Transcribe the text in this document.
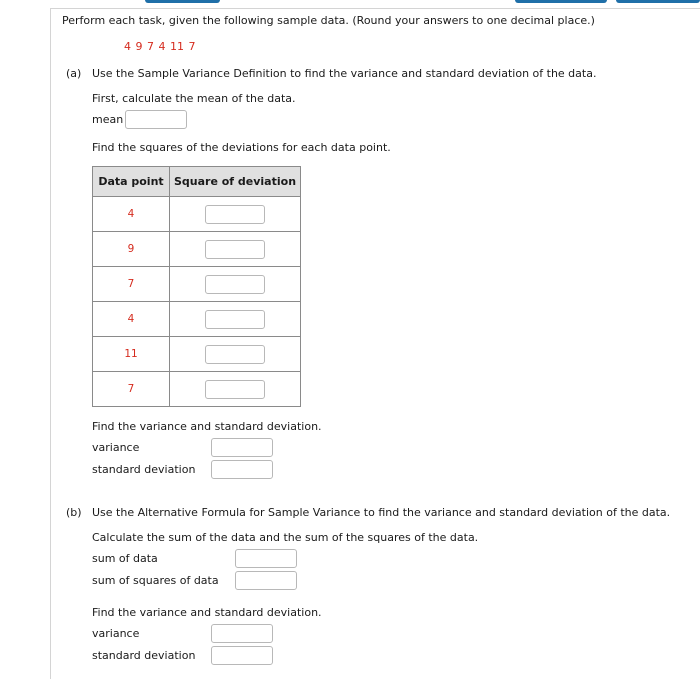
Perform each task, given the following sample data. (Round your answers to one decimal place.)
4 9 7 4 11 7
(a) Use the Sample Variance Definition to find the variance and standard deviation of the data.
First, calculate the mean of the data.
mean
Find the squares of the deviations for each data point.
Data point	Square of deviation
4	
9	
7	
4	
11	
7	
Find the variance and standard deviation.
variance
standard deviation
(b) Use the Alternative Formula for Sample Variance to find the variance and standard deviation of the data.
Calculate the sum of the data and the sum of the squares of the data.
sum of data
sum of squares of data
Find the variance and standard deviation.
variance
standard deviation
